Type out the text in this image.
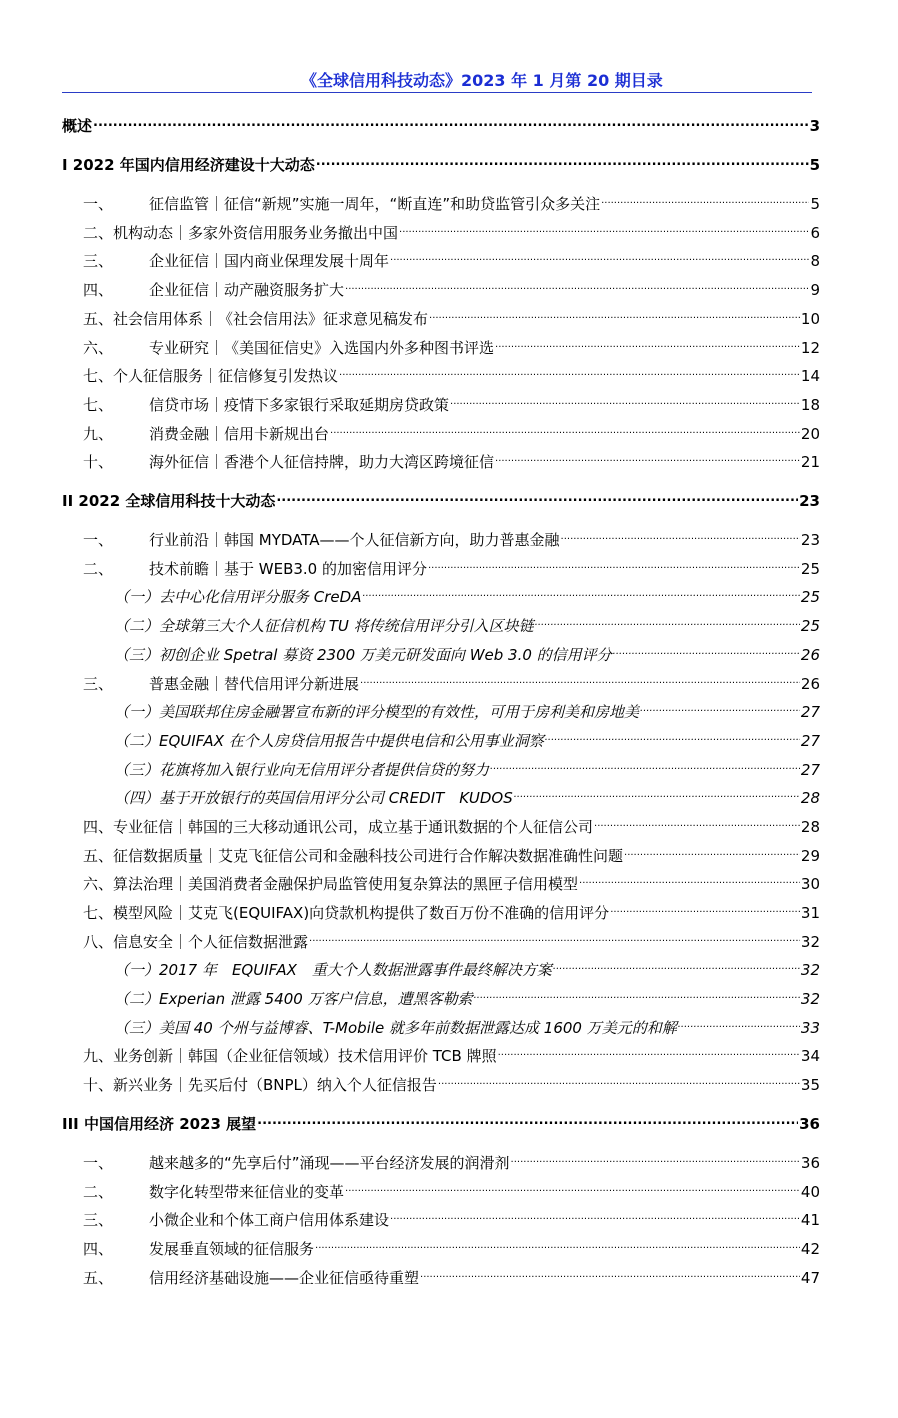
《全球信用科技动态》2023 年 1 月第 20 期目录
概述 .....	3
I 2022 年国内信用经济建设十大动态 .....	5
一、	征信监管｜征信“新规”实施一周年，“断直连”和助贷监管引众多关注 .....	5
二、机构动态｜多家外资信用服务业务撤出中国 .....	6
三、	企业征信｜国内商业保理发展十周年 .....	8
四、	企业征信｜动产融资服务扩大 .....	9
五、社会信用体系｜《社会信用法》征求意见稿发布 .....	10
六、	专业研究｜《美国征信史》入选国内外多种图书评选 .....	12
七、个人征信服务｜征信修复引发热议 .....	14
七、	信贷市场｜疫情下多家银行采取延期房贷政策 .....	18
九、	消费金融｜信用卡新规出台 .....	20
十、	海外征信｜香港个人征信持牌，助力大湾区跨境征信 .....	21
II 2022 全球信用科技十大动态 .....	23
一、	行业前沿｜韩国 MYDATA——个人征信新方向，助力普惠金融 .....	23
二、	技术前瞻｜基于 WEB3.0 的加密信用评分 .....	25
（一）去中心化信用评分服务 CreDA .....	25
（二）全球第三大个人征信机构 TU 将传统信用评分引入区块链 .....	25
（三）初创企业 Spetral 募资 2300 万美元研发面向 Web 3.0 的信用评分 .....	26
三、	普惠金融｜替代信用评分新进展 .....	26
（一）美国联邦住房金融署宣布新的评分模型的有效性，可用于房利美和房地美 .....	27
（二）EQUIFAX 在个人房贷信用报告中提供电信和公用事业洞察 .....	27
（三）花旗将加入银行业向无信用评分者提供信贷的努力 .....	27
（四）基于开放银行的英国信用评分公司 CREDIT　KUDOS .....	28
四、专业征信｜韩国的三大移动通讯公司，成立基于通讯数据的个人征信公司 .....	28
五、征信数据质量｜艾克飞征信公司和金融科技公司进行合作解决数据准确性问题 .....	29
六、算法治理｜美国消费者金融保护局监管使用复杂算法的黑匣子信用模型 .....	30
七、模型风险｜艾克飞(EQUIFAX)向贷款机构提供了数百万份不准确的信用评分 .....	31
八、信息安全｜个人征信数据泄露 .....	32
（一）2017 年　EQUIFAX　重大个人数据泄露事件最终解决方案 .....	32
（二）Experian 泄露 5400 万客户信息，遭黑客勒索 .....	32
（三）美国 40 个州与益博睿、T-Mobile 就多年前数据泄露达成 1600 万美元的和解 .....	33
九、业务创新｜韩国（企业征信领域）技术信用评价 TCB 牌照 .....	34
十、新兴业务｜先买后付（BNPL）纳入个人征信报告 .....	35
III 中国信用经济 2023 展望 .....	36
一、	越来越多的“先享后付”涌现——平台经济发展的润滑剂 .....	36
二、	数字化转型带来征信业的变革 .....	40
三、	小微企业和个体工商户信用体系建设 .....	41
四、	发展垂直领域的征信服务 .....	42
五、	信用经济基础设施——企业征信亟待重塑 .....	47
